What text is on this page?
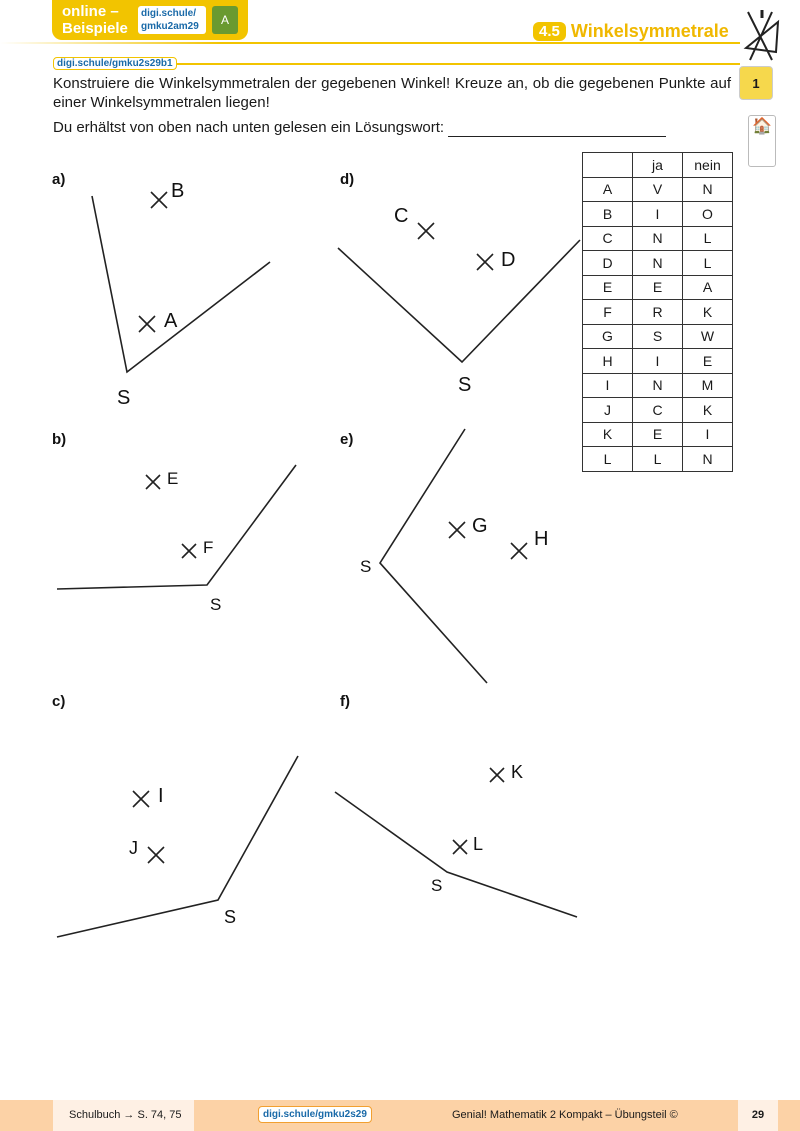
online –
Beispiele
digi.schule/
gmku2am29	A
4.5 Winkelsymmetrale
digi.schule/gmku2s29b1
Konstruiere die Winkelsymmetralen der gegebenen Winkel! Kreuze an, ob die gegebenen Punkte auf einer Winkelsymmetralen liegen!
Du erhältst von oben nach unten gelesen ein Lösungswort:
1
🏠
a)	d)
b)	e)
c)	f)
B
A
S
C
D
S
E
F
S
G
H
S
I
J
S
K
L
S
	ja	nein
A	V	N
B	I	O
C	N	L
D	N	L
E	E	A
F	R	K
G	S	W
H	I	E
I	N	M
J	C	K
K	E	I
L	L	N
Schulbuch → S. 74, 75	digi.schule/gmku2s29	Genial! Mathematik 2 Kompakt – Übungsteil ©	29
